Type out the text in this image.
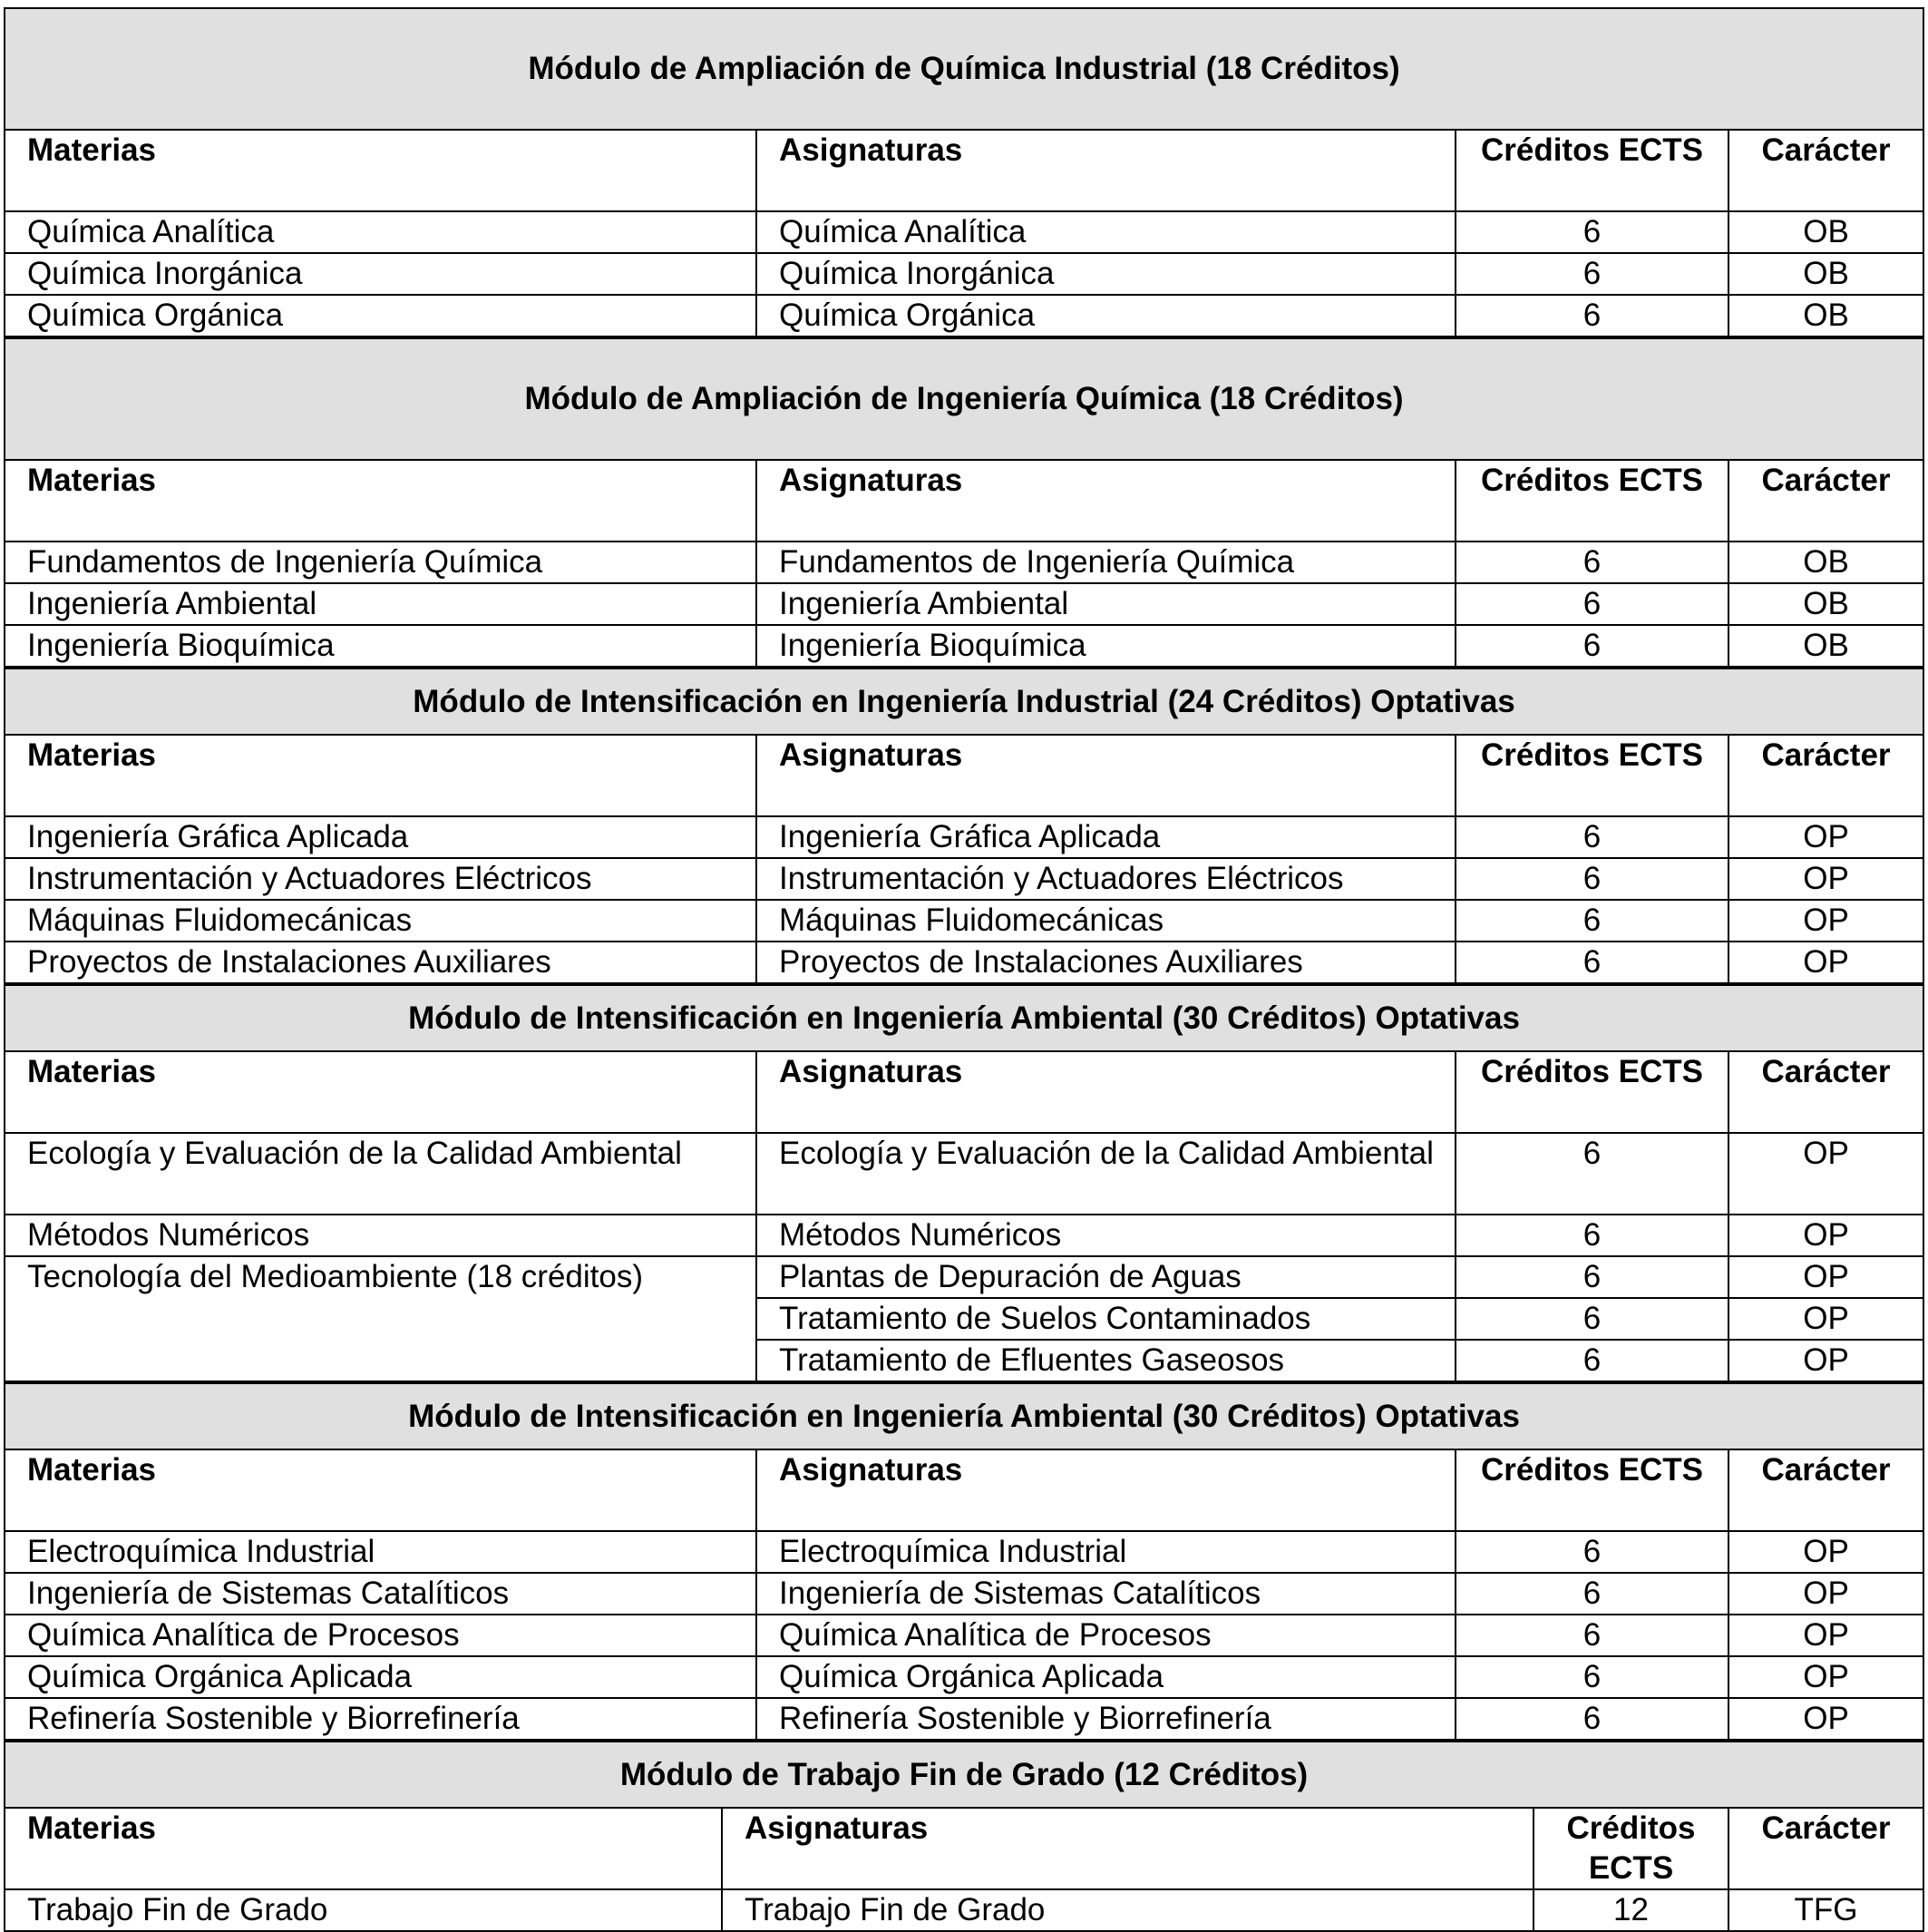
Módulo de Ampliación de Química Industrial (18 Créditos)			
Materias	Asignaturas	Créditos ECTS	Carácter
Química Analítica	Química Analítica	6	OB
Química Inorgánica	Química Inorgánica	6	OB
Química Orgánica	Química Orgánica	6	OB
Módulo de Ampliación de Ingeniería Química (18 Créditos)			
Materias	Asignaturas	Créditos ECTS	Carácter
Fundamentos de Ingeniería Química	Fundamentos de Ingeniería Química	6	OB
Ingeniería Ambiental	Ingeniería Ambiental	6	OB
Ingeniería Bioquímica	Ingeniería Bioquímica	6	OB
Módulo de Intensificación en Ingeniería Industrial (24 Créditos) Optativas			
Materias	Asignaturas	Créditos ECTS	Carácter
Ingeniería Gráfica Aplicada	Ingeniería Gráfica Aplicada	6	OP
Instrumentación y Actuadores Eléctricos	Instrumentación y Actuadores Eléctricos	6	OP
Máquinas Fluidomecánicas	Máquinas Fluidomecánicas	6	OP
Proyectos de Instalaciones Auxiliares	Proyectos de Instalaciones Auxiliares	6	OP
Módulo de Intensificación en Ingeniería Ambiental (30 Créditos) Optativas			
Materias	Asignaturas	Créditos ECTS	Carácter
Ecología y Evaluación de la Calidad Ambiental	Ecología y Evaluación de la Calidad Ambiental	6	OP
Métodos Numéricos	Métodos Numéricos	6	OP
Tecnología del Medioambiente (18 créditos)	Plantas de Depuración de Aguas	6	OP
	Tratamiento de Suelos Contaminados	6	OP
	Tratamiento de Efluentes Gaseosos	6	OP
Módulo de Intensificación en Ingeniería Ambiental (30 Créditos) Optativas			
Materias	Asignaturas	Créditos ECTS	Carácter
Electroquímica Industrial	Electroquímica Industrial	6	OP
Ingeniería de Sistemas Catalíticos	Ingeniería de Sistemas Catalíticos	6	OP
Química Analítica de Procesos	Química Analítica de Procesos	6	OP
Química Orgánica Aplicada	Química Orgánica Aplicada	6	OP
Refinería Sostenible y Biorrefinería	Refinería Sostenible y Biorrefinería	6	OP
Módulo de Trabajo Fin de Grado (12 Créditos)			
Materias	Asignaturas	Créditos ECTS	Carácter
Trabajo Fin de Grado	Trabajo Fin de Grado	12	TFG
